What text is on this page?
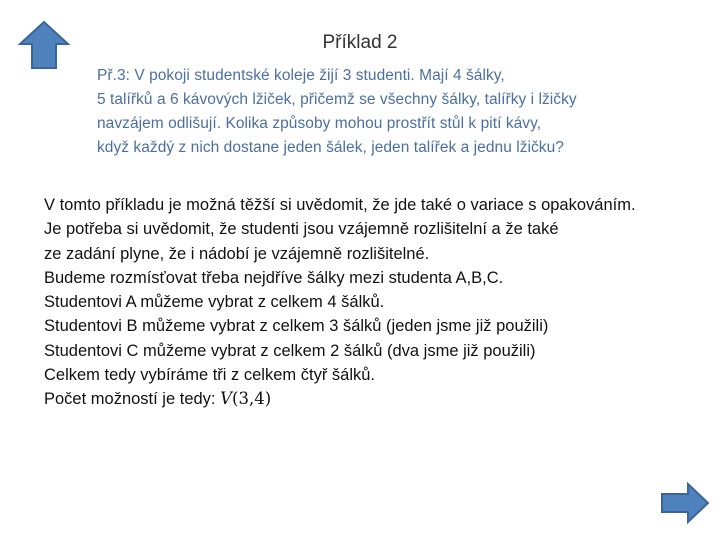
Příklad 2
Př.3: V pokoji studentské koleje žijí 3 studenti. Mají 4 šálky,
5 talířků a 6 kávových lžiček, přičemž se všechny šálky, talířky i lžičky
navzájem odlišují. Kolika způsoby mohou prostřít stůl k pití kávy,
když každý z nich dostane jeden šálek, jeden talířek a jednu lžičku?
V tomto příkladu je možná těžší si uvědomit, že jde také o variace s opakováním.
Je potřeba si uvědomit, že studenti jsou vzájemně rozlišitelní a že také
ze zadání plyne, že i nádobí je vzájemně rozlišitelné.
Budeme rozmísťovat třeba nejdříve šálky mezi studenta A,B,C.
Studentovi A můžeme vybrat z celkem 4 šálků.
Studentovi B můžeme vybrat z celkem 3 šálků (jeden jsme již použili)
Studentovi C můžeme vybrat z celkem 2 šálků (dva jsme již použili)
Celkem tedy vybíráme tři z celkem čtyř šálků.
Počet možností je tedy: V(3,4)
